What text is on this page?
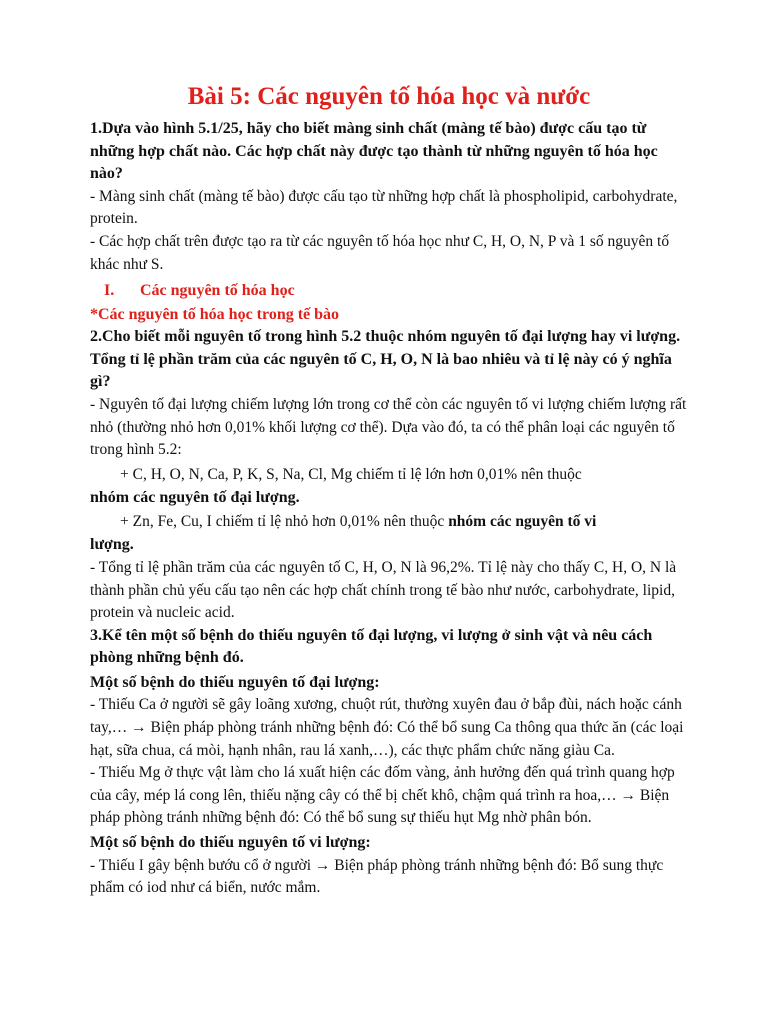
Bài 5: Các nguyên tố hóa học và nước

1.Dựa vào hình 5.1/25, hãy cho biết màng sinh chất (màng tế bào) được cấu tạo từ những hợp chất nào. Các hợp chất này được tạo thành từ những nguyên tố hóa học nào?

- Màng sinh chất (màng tế bào) được cấu tạo từ những hợp chất là phospholipid, carbohydrate, protein.

- Các hợp chất trên được tạo ra từ các nguyên tố hóa học như C, H, O, N, P và 1 số nguyên tố khác như S.

I. Các nguyên tố hóa học

*Các nguyên tố hóa học trong tế bào

2.Cho biết mỗi nguyên tố trong hình 5.2 thuộc nhóm nguyên tố đại lượng hay vi lượng. Tổng tỉ lệ phần trăm của các nguyên tố C, H, O, N là bao nhiêu và tỉ lệ này có ý nghĩa gì?

- Nguyên tố đại lượng chiếm lượng lớn trong cơ thể còn các nguyên tố vi lượng chiếm lượng rất nhỏ (thường nhỏ hơn 0,01% khối lượng cơ thể). Dựa vào đó, ta có thể phân loại các nguyên tố trong hình 5.2:

+ C, H, O, N, Ca, P, K, S, Na, Cl, Mg chiếm tỉ lệ lớn hơn 0,01% nên thuộc

nhóm các nguyên tố đại lượng.

+ Zn, Fe, Cu, I chiếm tỉ lệ nhỏ hơn 0,01% nên thuộc nhóm các nguyên tố vi

lượng.

- Tổng tỉ lệ phần trăm của các nguyên tố C, H, O, N là 96,2%. Tỉ lệ này cho thấy C, H, O, N là thành phần chủ yếu cấu tạo nên các hợp chất chính trong tế bào như nước, carbohydrate, lipid, protein và nucleic acid.

3.Kể tên một số bệnh do thiếu nguyên tố đại lượng, vi lượng ở sinh vật và nêu cách phòng những bệnh đó.

Một số bệnh do thiếu nguyên tố đại lượng:

- Thiếu Ca ở người sẽ gây loãng xương, chuột rút, thường xuyên đau ở bắp đùi, nách hoặc cánh tay,… → Biện pháp phòng tránh những bệnh đó: Có thể bổ sung Ca thông qua thức ăn (các loại hạt, sữa chua, cá mòi, hạnh nhân, rau lá xanh,…), các thực phẩm chức năng giàu Ca.

- Thiếu Mg ở thực vật làm cho lá xuất hiện các đốm vàng, ảnh hưởng đến quá trình quang hợp của cây, mép lá cong lên, thiếu nặng cây có thể bị chết khô, chậm quá trình ra hoa,… → Biện pháp phòng tránh những bệnh đó: Có thể bổ sung sự thiếu hụt Mg nhờ phân bón.

Một số bệnh do thiếu nguyên tố vi lượng:

- Thiếu I gây bệnh bướu cổ ở người → Biện pháp phòng tránh những bệnh đó: Bổ sung thực phẩm có iod như cá biển, nước mắm.
